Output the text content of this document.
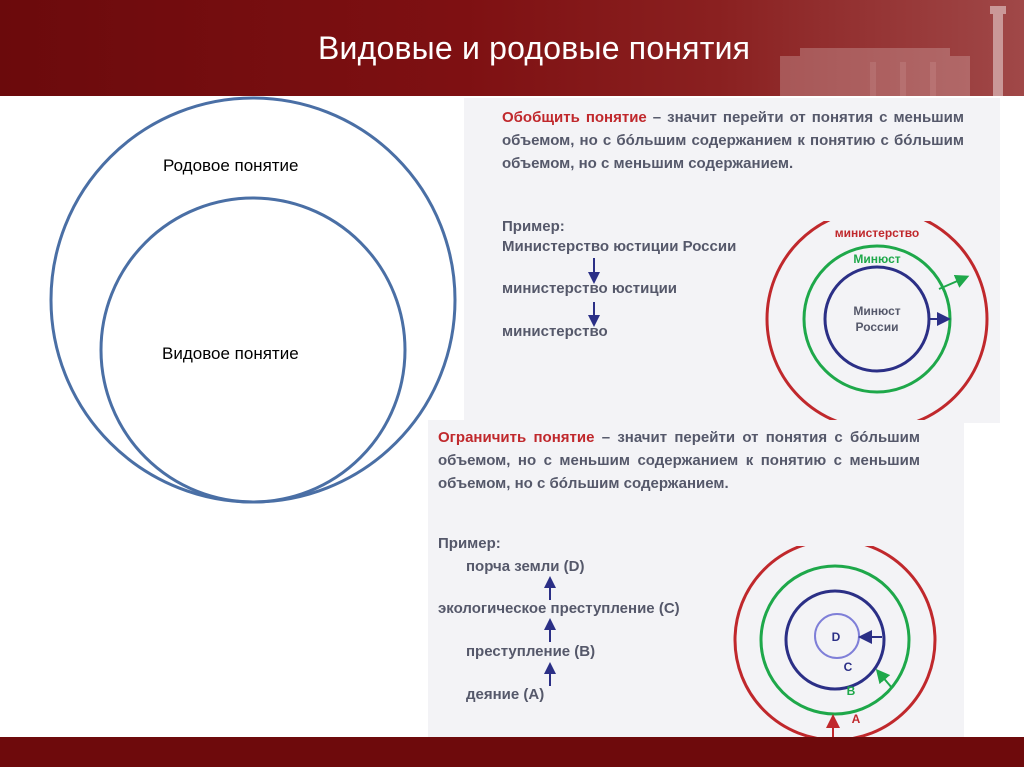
Видовые и родовые понятия
Родовое понятие
Видовое понятие
Обобщить понятие – значит перейти от понятия с меньшим объемом, но с бóльшим содержанием к понятию с бóльшим объемом, но с меньшим содержанием.
Пример:
Министерство юстиции России
министерство юстиции
министерство
министерство
Минюст
Минюст
России
Ограничить понятие – значит перейти от понятия с бóльшим объемом, но с меньшим содержанием к понятию с меньшим объемом, но с бóльшим содержанием.
Пример:
порча земли (D)
экологическое преступление (C)
преступление (B)
деяние (A)
D
C
B
A
